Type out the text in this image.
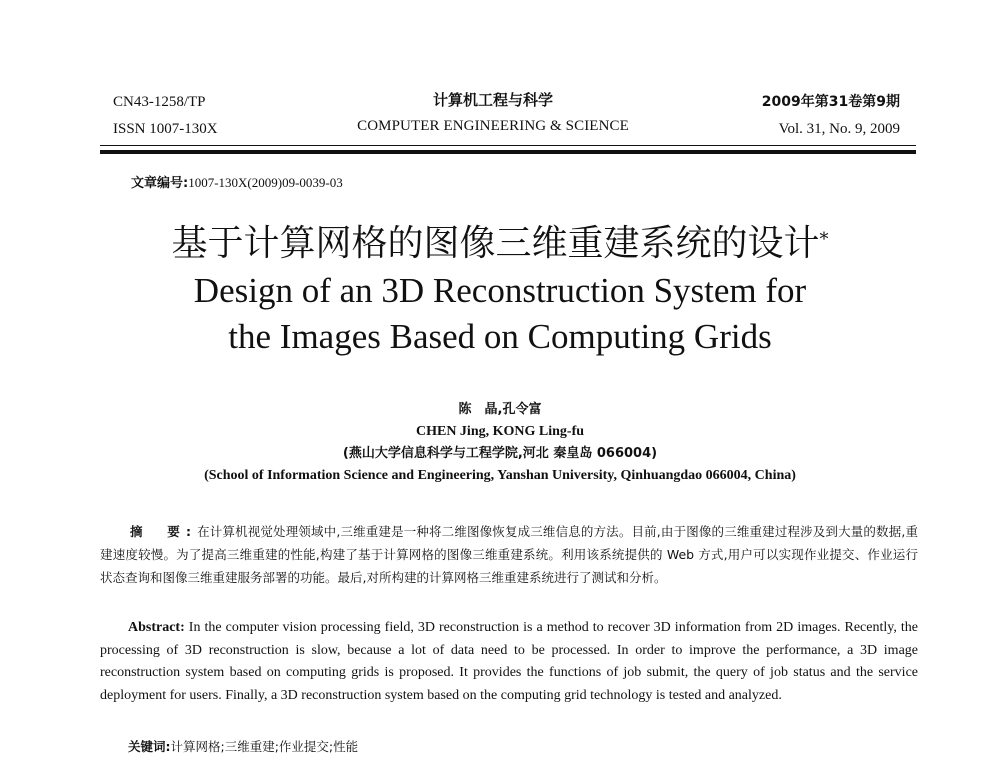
CN43-1258/TP
ISSN 1007-130X
计算机工程与科学
COMPUTER ENGINEERING & SCIENCE
2009年第31卷第9期
Vol. 31, No. 9, 2009
文章编号:1007-130X(2009)09-0039-03
基于计算网格的图像三维重建系统的设计*
Design of an 3D Reconstruction System for
the Images Based on Computing Grids
陈　晶,孔令富
CHEN Jing, KONG Ling-fu
(燕山大学信息科学与工程学院,河北 秦皇岛 066004)
(School of Information Science and Engineering, Yanshan University, Qinhuangdao 066004, China)
摘　要:在计算机视觉处理领域中,三维重建是一种将二维图像恢复成三维信息的方法。目前,由于图像的三维重建过程涉及到大量的数据,重建速度较慢。为了提高三维重建的性能,构建了基于计算网格的图像三维重建系统。利用该系统提供的 Web 方式,用户可以实现作业提交、作业运行状态查询和图像三维重建服务部署的功能。最后,对所构建的计算网格三维重建系统进行了测试和分析。
Abstract: In the computer vision processing field, 3D reconstruction is a method to recover 3D information from 2D images. Recently, the processing of 3D reconstruction is slow, because a lot of data need to be processed. In order to improve the performance, a 3D image reconstruction system based on computing grids is proposed. It provides the functions of job submit, the query of job status and the service deployment for users. Finally, a 3D reconstruction system based on the computing grid technology is tested and analyzed.
关键词:计算网格;三维重建;作业提交;性能
